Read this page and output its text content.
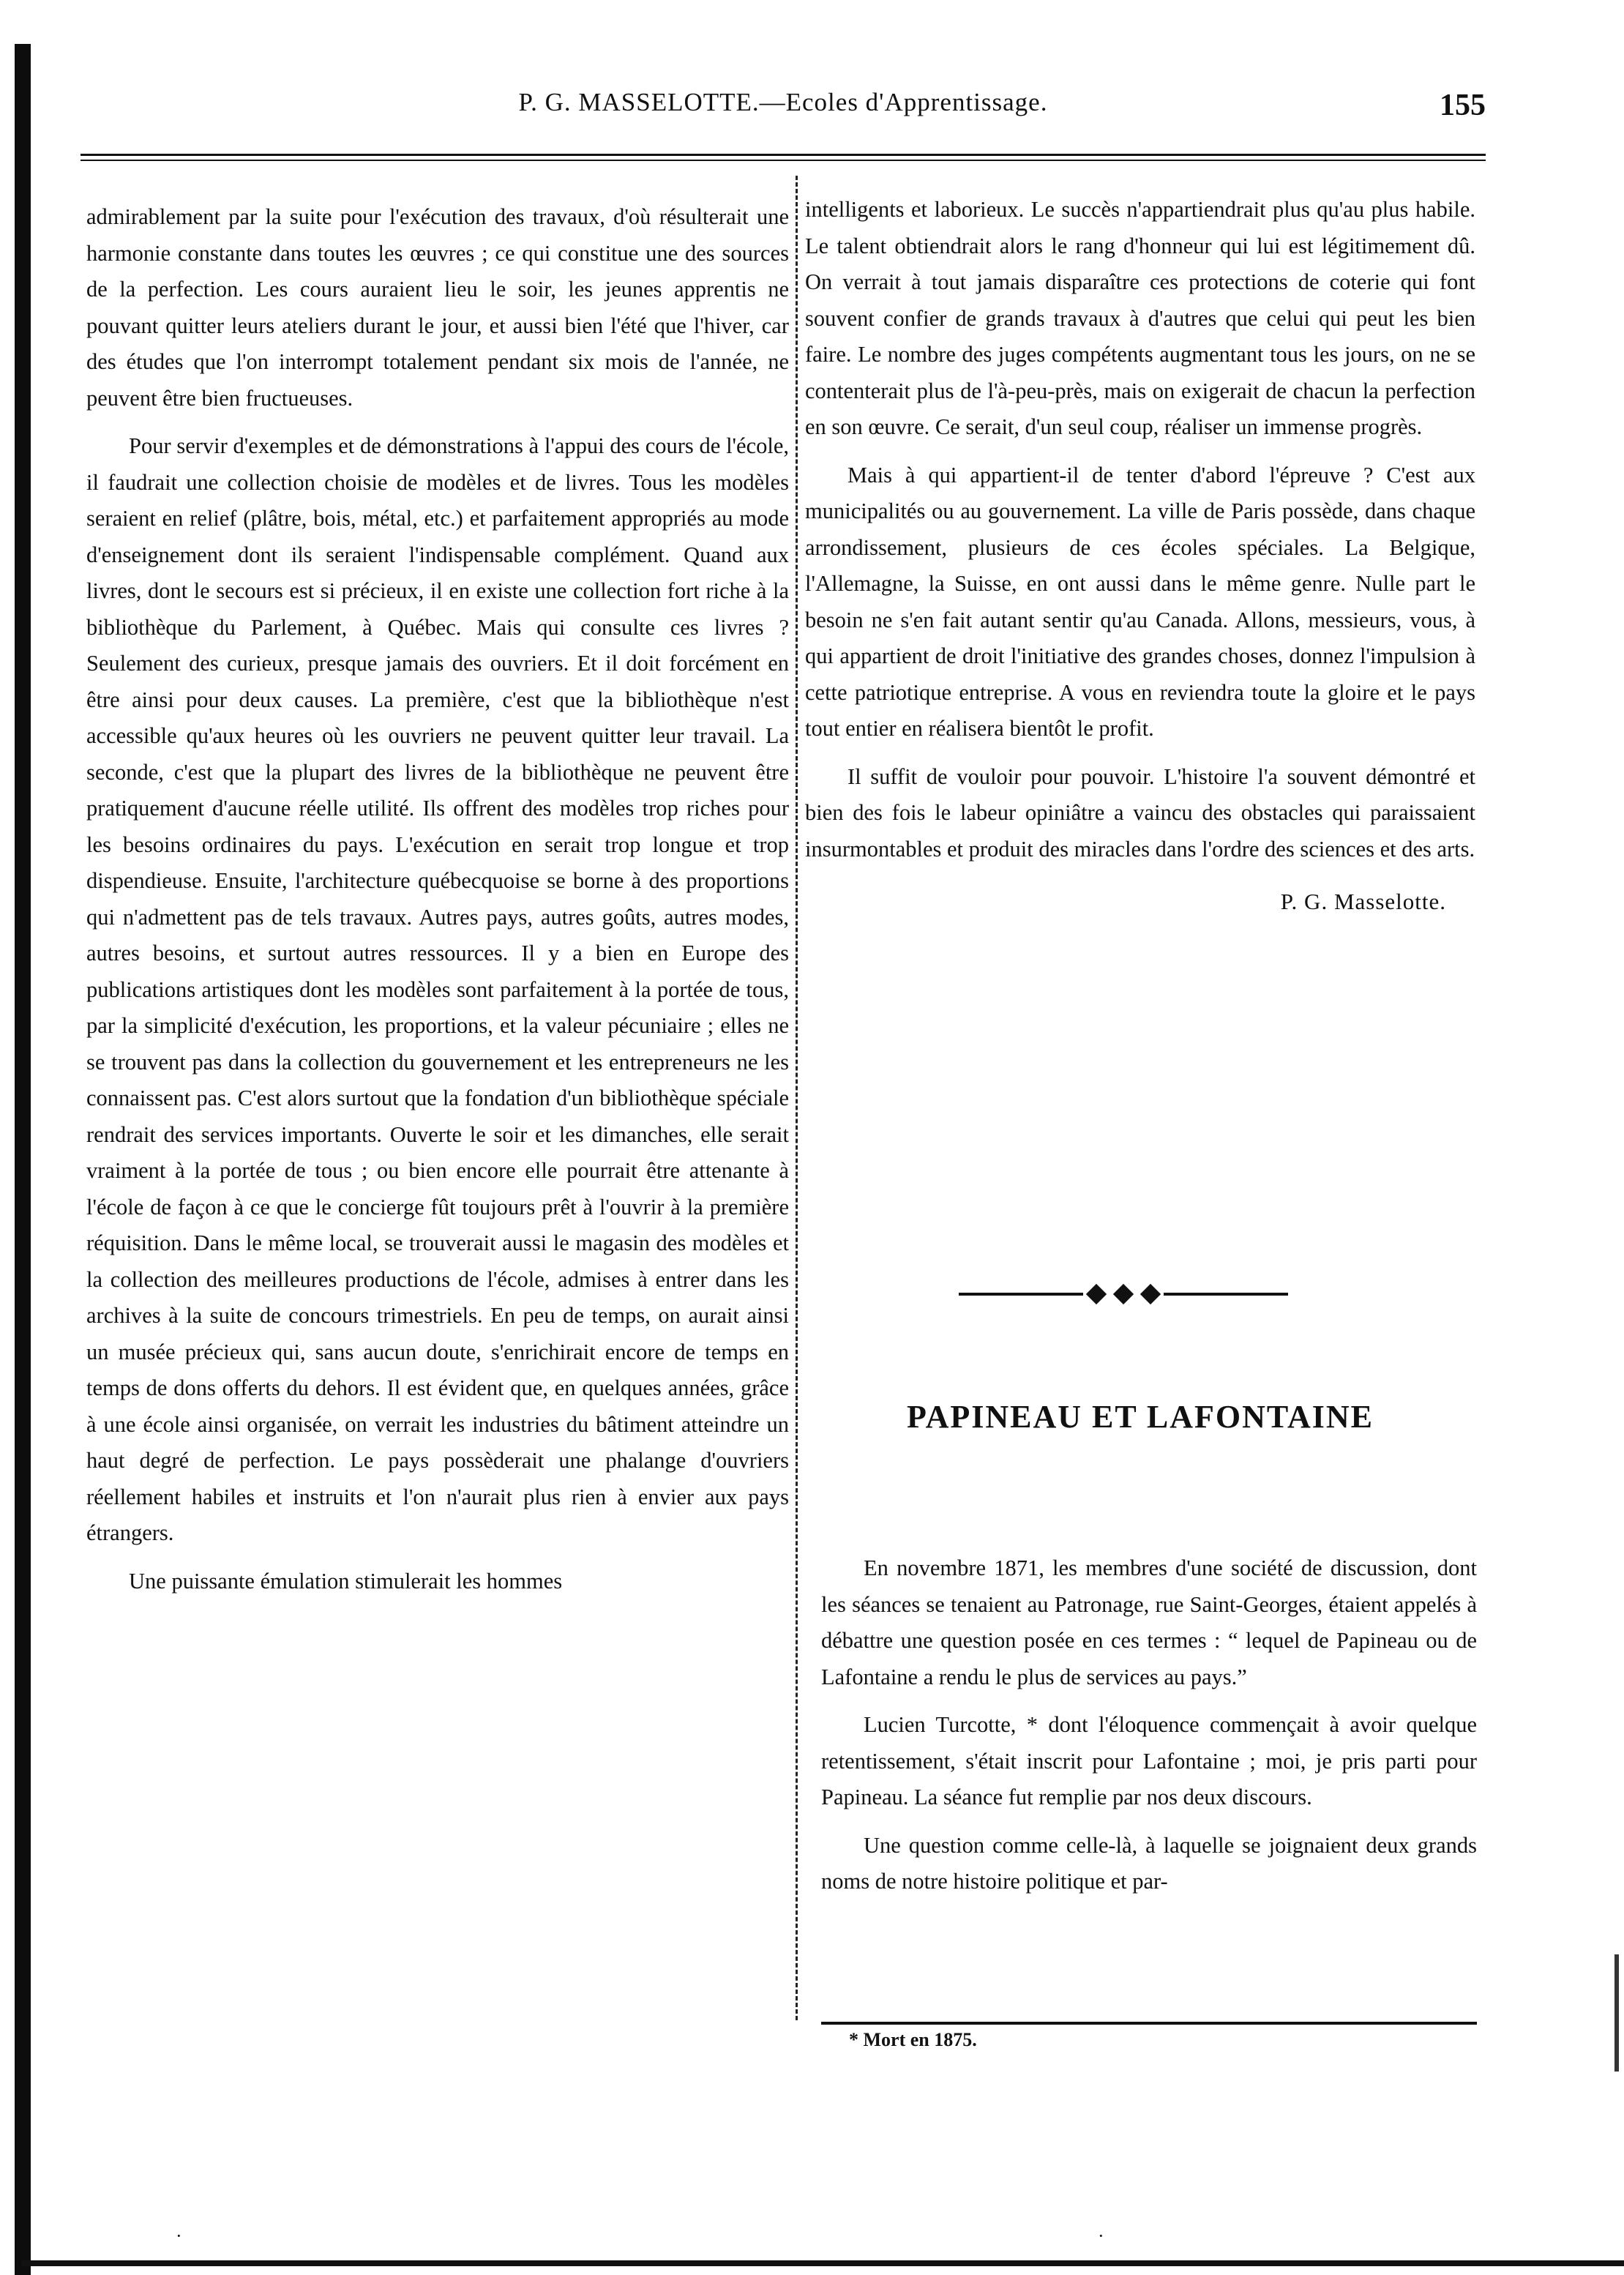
P. G. MASSELOTTE.—Ecoles d'Apprentissage.	155

admirablement par la suite pour l'exécution des travaux, d'où résulterait une harmonie constante dans toutes les œuvres ; ce qui constitue une des sources de la perfection. Les cours auraient lieu le soir, les jeunes apprentis ne pouvant quitter leurs ateliers durant le jour, et aussi bien l'été que l'hiver, car des études que l'on interrompt totalement pendant six mois de l'année, ne peuvent être bien fructueuses.

Pour servir d'exemples et de démonstrations à l'appui des cours de l'école, il faudrait une collection choisie de modèles et de livres. Tous les modèles seraient en relief (plâtre, bois, métal, etc.) et parfaitement appropriés au mode d'enseignement dont ils seraient l'indispensable complément. Quand aux livres, dont le secours est si précieux, il en existe une collection fort riche à la bibliothèque du Parlement, à Québec. Mais qui consulte ces livres ? Seulement des curieux, presque jamais des ouvriers. Et il doit forcément en être ainsi pour deux causes. La première, c'est que la bibliothèque n'est accessible qu'aux heures où les ouvriers ne peuvent quitter leur travail. La seconde, c'est que la plupart des livres de la bibliothèque ne peuvent être pratiquement d'aucune réelle utilité. Ils offrent des modèles trop riches pour les besoins ordinaires du pays. L'exécution en serait trop longue et trop dispendieuse. Ensuite, l'architecture québecquoise se borne à des proportions qui n'admettent pas de tels travaux. Autres pays, autres goûts, autres modes, autres besoins, et surtout autres ressources. Il y a bien en Europe des publications artistiques dont les modèles sont parfaitement à la portée de tous, par la simplicité d'exécution, les proportions, et la valeur pécuniaire ; elles ne se trouvent pas dans la collection du gouvernement et les entrepreneurs ne les connaissent pas. C'est alors surtout que la fondation d'un bibliothèque spéciale rendrait des services importants. Ouverte le soir et les dimanches, elle serait vraiment à la portée de tous ; ou bien encore elle pourrait être attenante à l'école de façon à ce que le concierge fût toujours prêt à l'ouvrir à la première réquisition. Dans le même local, se trouverait aussi le magasin des modèles et la collection des meilleures productions de l'école, admises à entrer dans les archives à la suite de concours trimestriels. En peu de temps, on aurait ainsi un musée précieux qui, sans aucun doute, s'enrichirait encore de temps en temps de dons offerts du dehors. Il est évident que, en quelques années, grâce à une école ainsi organisée, on verrait les industries du bâtiment atteindre un haut degré de perfection. Le pays possèderait une phalange d'ouvriers réellement habiles et instruits et l'on n'aurait plus rien à envier aux pays étrangers.

Une puissante émulation stimulerait les hommes

intelligents et laborieux. Le succès n'appartiendrait plus qu'au plus habile. Le talent obtiendrait alors le rang d'honneur qui lui est légitimement dû. On verrait à tout jamais disparaître ces protections de coterie qui font souvent confier de grands travaux à d'autres que celui qui peut les bien faire. Le nombre des juges compétents augmentant tous les jours, on ne se contenterait plus de l'à-peu-près, mais on exigerait de chacun la perfection en son œuvre. Ce serait, d'un seul coup, réaliser un immense progrès.

Mais à qui appartient-il de tenter d'abord l'épreuve ? C'est aux municipalités ou au gouvernement. La ville de Paris possède, dans chaque arrondissement, plusieurs de ces écoles spéciales. La Belgique, l'Allemagne, la Suisse, en ont aussi dans le même genre. Nulle part le besoin ne s'en fait autant sentir qu'au Canada. Allons, messieurs, vous, à qui appartient de droit l'initiative des grandes choses, donnez l'impulsion à cette patriotique entreprise. A vous en reviendra toute la gloire et le pays tout entier en réalisera bientôt le profit.

Il suffit de vouloir pour pouvoir. L'histoire l'a souvent démontré et bien des fois le labeur opiniâtre a vaincu des obstacles qui paraissaient insurmontables et produit des miracles dans l'ordre des sciences et des arts.

P. G. Masselotte.
PAPINEAU ET LAFONTAINE

En novembre 1871, les membres d'une société de discussion, dont les séances se tenaient au Patronage, rue Saint-Georges, étaient appelés à débattre une question posée en ces termes : “ lequel de Papineau ou de Lafontaine a rendu le plus de services au pays.”

Lucien Turcotte, * dont l'éloquence commençait à avoir quelque retentissement, s'était inscrit pour Lafontaine ; moi, je pris parti pour Papineau. La séance fut remplie par nos deux discours.

Une question comme celle-là, à laquelle se joignaient deux grands noms de notre histoire politique et par-

* Mort en 1875.
·	·
